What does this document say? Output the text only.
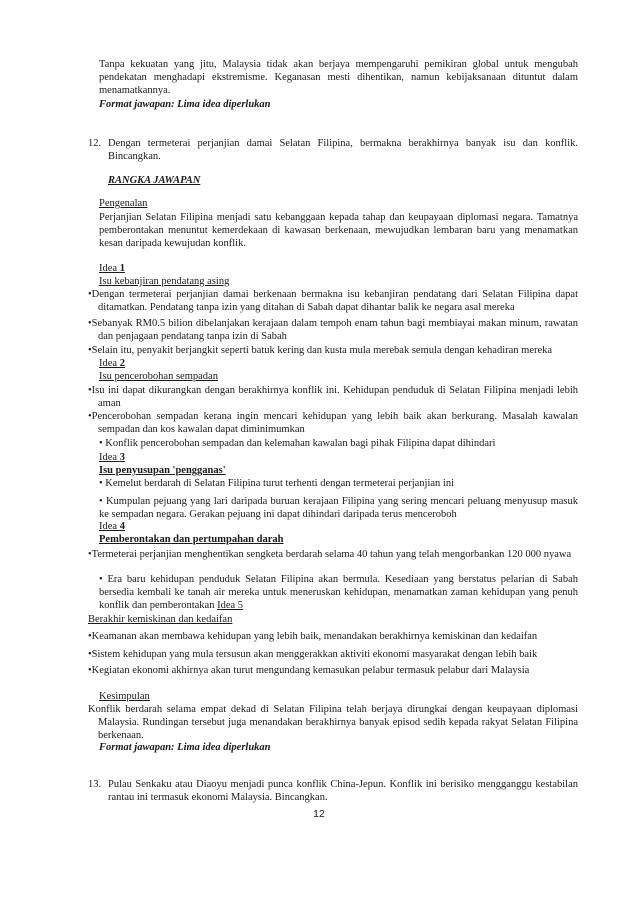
Tanpa kekuatan yang jitu, Malaysia tidak akan berjaya mempengaruhi pemikiran global untuk mengubah pendekatan menghadapi ekstremisme. Keganasan mesti dihentikan, namun kebijaksanaan dituntut dalam menamatkannya.

Format jawapan: Lima idea diperlukan

12. Dengan termeterai perjanjian damai Selatan Filipina, bermakna berakhirnya banyak isu dan konflik. Bincangkan.

RANGKA JAWAPAN

Pengenalan

Perjanjian Selatan Filipina menjadi satu kebanggaan kepada tahap dan keupayaan diplomasi negara. Tamatnya pemberontakan menuntut kemerdekaan di kawasan berkenaan, mewujudkan lembaran baru yang menamatkan kesan daripada kewujudan konflik.

Idea 1

Isu kebanjiran pendatang asing

•Dengan termeterai perjanjian damai berkenaan bermakna isu kebanjiran pendatang dari Selatan Filipina dapat ditamatkan. Pendatang tanpa izin yang ditahan di Sabah dapat dihantar balik ke negara asal mereka

•Sebanyak RM0.5 bilion dibelanjakan kerajaan dalam tempoh enam tahun bagi membiayai makan minum, rawatan dan penjagaan pendatang tanpa izin di Sabah

•Selain itu, penyakit berjangkit seperti batuk kering dan kusta mula merebak semula dengan kehadiran mereka

Idea 2

Isu pencerobohan sempadan

•Isu ini dapat dikurangkan dengan berakhirnya konflik ini. Kehidupan penduduk di Selatan Filipina menjadi lebih aman

•Pencerobohan sempadan kerana ingin mencari kehidupan yang lebih baik akan berkurang. Masalah kawalan sempadan dan kos kawalan dapat diminimumkan

• Konflik pencerobohan sempadan dan kelemahan kawalan bagi pihak Filipina dapat dihindari

Idea 3

Isu penyusupan 'pengganas'

• Kemelut berdarah di Selatan Filipina turut terhenti dengan termeterai perjanjian ini

• Kumpulan pejuang yang lari daripada buruan kerajaan Filipina yang sering mencari peluang menyusup masuk ke sempadan negara. Gerakan pejuang ini dapat dihindari daripada terus menceroboh

Idea 4

Pemberontakan dan pertumpahan darah

•Termeterai perjanjian menghentikan sengketa berdarah selama 40 tahun yang telah mengorbankan 120 000 nyawa

• Era baru kehidupan penduduk Selatan Filipina akan bermula. Kesediaan yang berstatus pelarian di Sabah bersedia kembali ke tanah air mereka untuk meneruskan kehidupan, menamatkan zaman kehidupan yang penuh konflik dan pemberontakan Idea 5

Berakhir kemiskinan dan kedaifan

•Keamanan akan membawa kehidupan yang lebih baik, menandakan berakhirnya kemiskinan dan kedaifan

•Sistem kehidupan yang mula tersusun akan menggerakkan aktiviti ekonomi masyarakat dengan lebih baik

•Kegiatan ekonomi akhirnya akan turut mengundang kemasukan pelabur termasuk pelabur dari Malaysia

Kesimpulan

Konflik berdarah selama empat dekad di Selatan Filipina telah berjaya dirungkai dengan keupayaan diplomasi Malaysia. Rundingan tersebut juga menandakan berakhirnya banyak episod sedih kepada rakyat Selatan Filipina berkenaan.

Format jawapan: Lima idea diperlukan

13. Pulau Senkaku atau Diaoyu menjadi punca konflik China-Jepun. Konflik ini berisiko mengganggu kestabilan rantau ini termasuk ekonomi Malaysia. Bincangkan.

12
